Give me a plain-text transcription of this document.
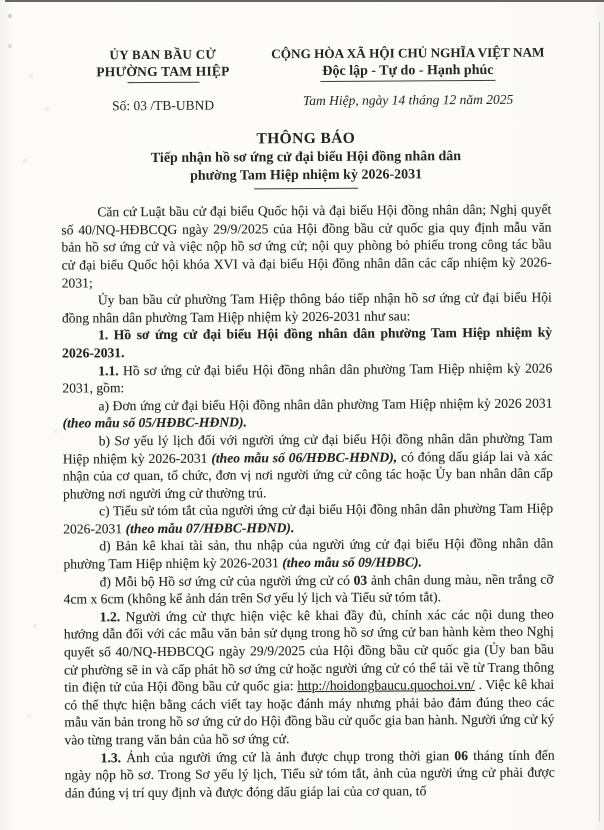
ỦY BAN BẦU CỬ
PHƯỜNG TAM HIỆP
Số: 03 /TB-UBND
CỘNG HÒA XÃ HỘI CHỦ NGHĨA VIỆT NAM
Độc lập - Tự do - Hạnh phúc
Tam Hiệp, ngày 14 tháng 12 năm 2025
THÔNG BÁO
Tiếp nhận hồ sơ ứng cử đại biểu Hội đồng nhân dân
phường Tam Hiệp nhiệm kỳ 2026-2031

Căn cứ Luật bầu cử đại biểu Quốc hội và đại biểu Hội đồng nhân dân; Nghị quyết số 40/NQ-HĐBCQG ngày 29/9/2025 của Hội đồng bầu cử quốc gia quy định mẫu văn bản hồ sơ ứng cử và việc nộp hồ sơ ứng cử; nội quy phòng bỏ phiếu trong công tác bầu cử đại biểu Quốc hội khóa XVI và đại biểu Hội đồng nhân dân các cấp nhiệm kỳ 2026-2031;

Ủy ban bầu cử phường Tam Hiệp thông báo tiếp nhận hồ sơ ứng cử đại biểu Hội đồng nhân dân phường Tam Hiệp nhiệm kỳ 2026-2031 như sau:

1. Hồ sơ ứng cử đại biểu Hội đồng nhân dân phường Tam Hiệp nhiệm kỳ 2026-2031.

1.1. Hồ sơ ứng cử đại biểu Hội đồng nhân dân phường Tam Hiệp nhiệm kỳ 2026 2031, gồm:

a) Đơn ứng cử đại biểu Hội đồng nhân dân phường Tam Hiệp nhiệm kỳ 2026 2031 (theo mẫu số 05/HĐBC-HĐND).

b) Sơ yếu lý lịch đối với người ứng cử đại biểu Hội đồng nhân dân phường Tam Hiệp nhiệm kỳ 2026-2031 (theo mẫu số 06/HĐBC-HĐND), có đóng dấu giáp lai và xác nhận của cơ quan, tổ chức, đơn vị nơi người ứng cử công tác hoặc Ủy ban nhân dân cấp phường nơi người ứng cử thường trú.

c) Tiểu sử tóm tắt của người ứng cử đại biểu Hội đồng nhân dân phường Tam Hiệp 2026-2031 (theo mẫu 07/HĐBC-HĐND).

d) Bản kê khai tài sản, thu nhập của người ứng cử đại biểu Hội đồng nhân dân phường Tam Hiệp nhiệm kỳ 2026-2031 (theo mẫu số 09/HĐBC).

đ) Mỗi bộ Hồ sơ ứng cử của người ứng cử có 03 ảnh chân dung màu, nền trắng cỡ 4cm x 6cm (không kể ảnh dán trên Sơ yếu lý lịch và Tiểu sử tóm tắt).

1.2. Người ứng cử thực hiện việc kê khai đầy đủ, chính xác các nội dung theo hướng dẫn đối với các mẫu văn bản sử dụng trong hồ sơ ứng cử ban hành kèm theo Nghị quyết số 40/NQ-HĐBCQG ngày 29/9/2025 của Hội đồng bầu cử quốc gia (Ủy ban bầu cử phường sẽ in và cấp phát hồ sơ ứng cử hoặc người ứng cử có thể tải về từ Trang thông tin điện tử của Hội đồng bầu cử quốc gia: http://hoidongbaucu.quochoi.vn/ . Việc kê khai có thể thực hiện bằng cách viết tay hoặc đánh máy nhưng phải bảo đảm đúng theo các mẫu văn bản trong hồ sơ ứng cử do Hội đồng bầu cử quốc gia ban hành. Người ứng cử ký vào từng trang văn bản của hồ sơ ứng cử.

1.3. Ảnh của người ứng cử là ảnh được chụp trong thời gian 06 tháng tính đến ngày nộp hồ sơ. Trong Sơ yếu lý lịch, Tiểu sử tóm tắt, ảnh của người ứng cử phải được dán đúng vị trí quy định và được đóng dấu giáp lai của cơ quan, tổ
